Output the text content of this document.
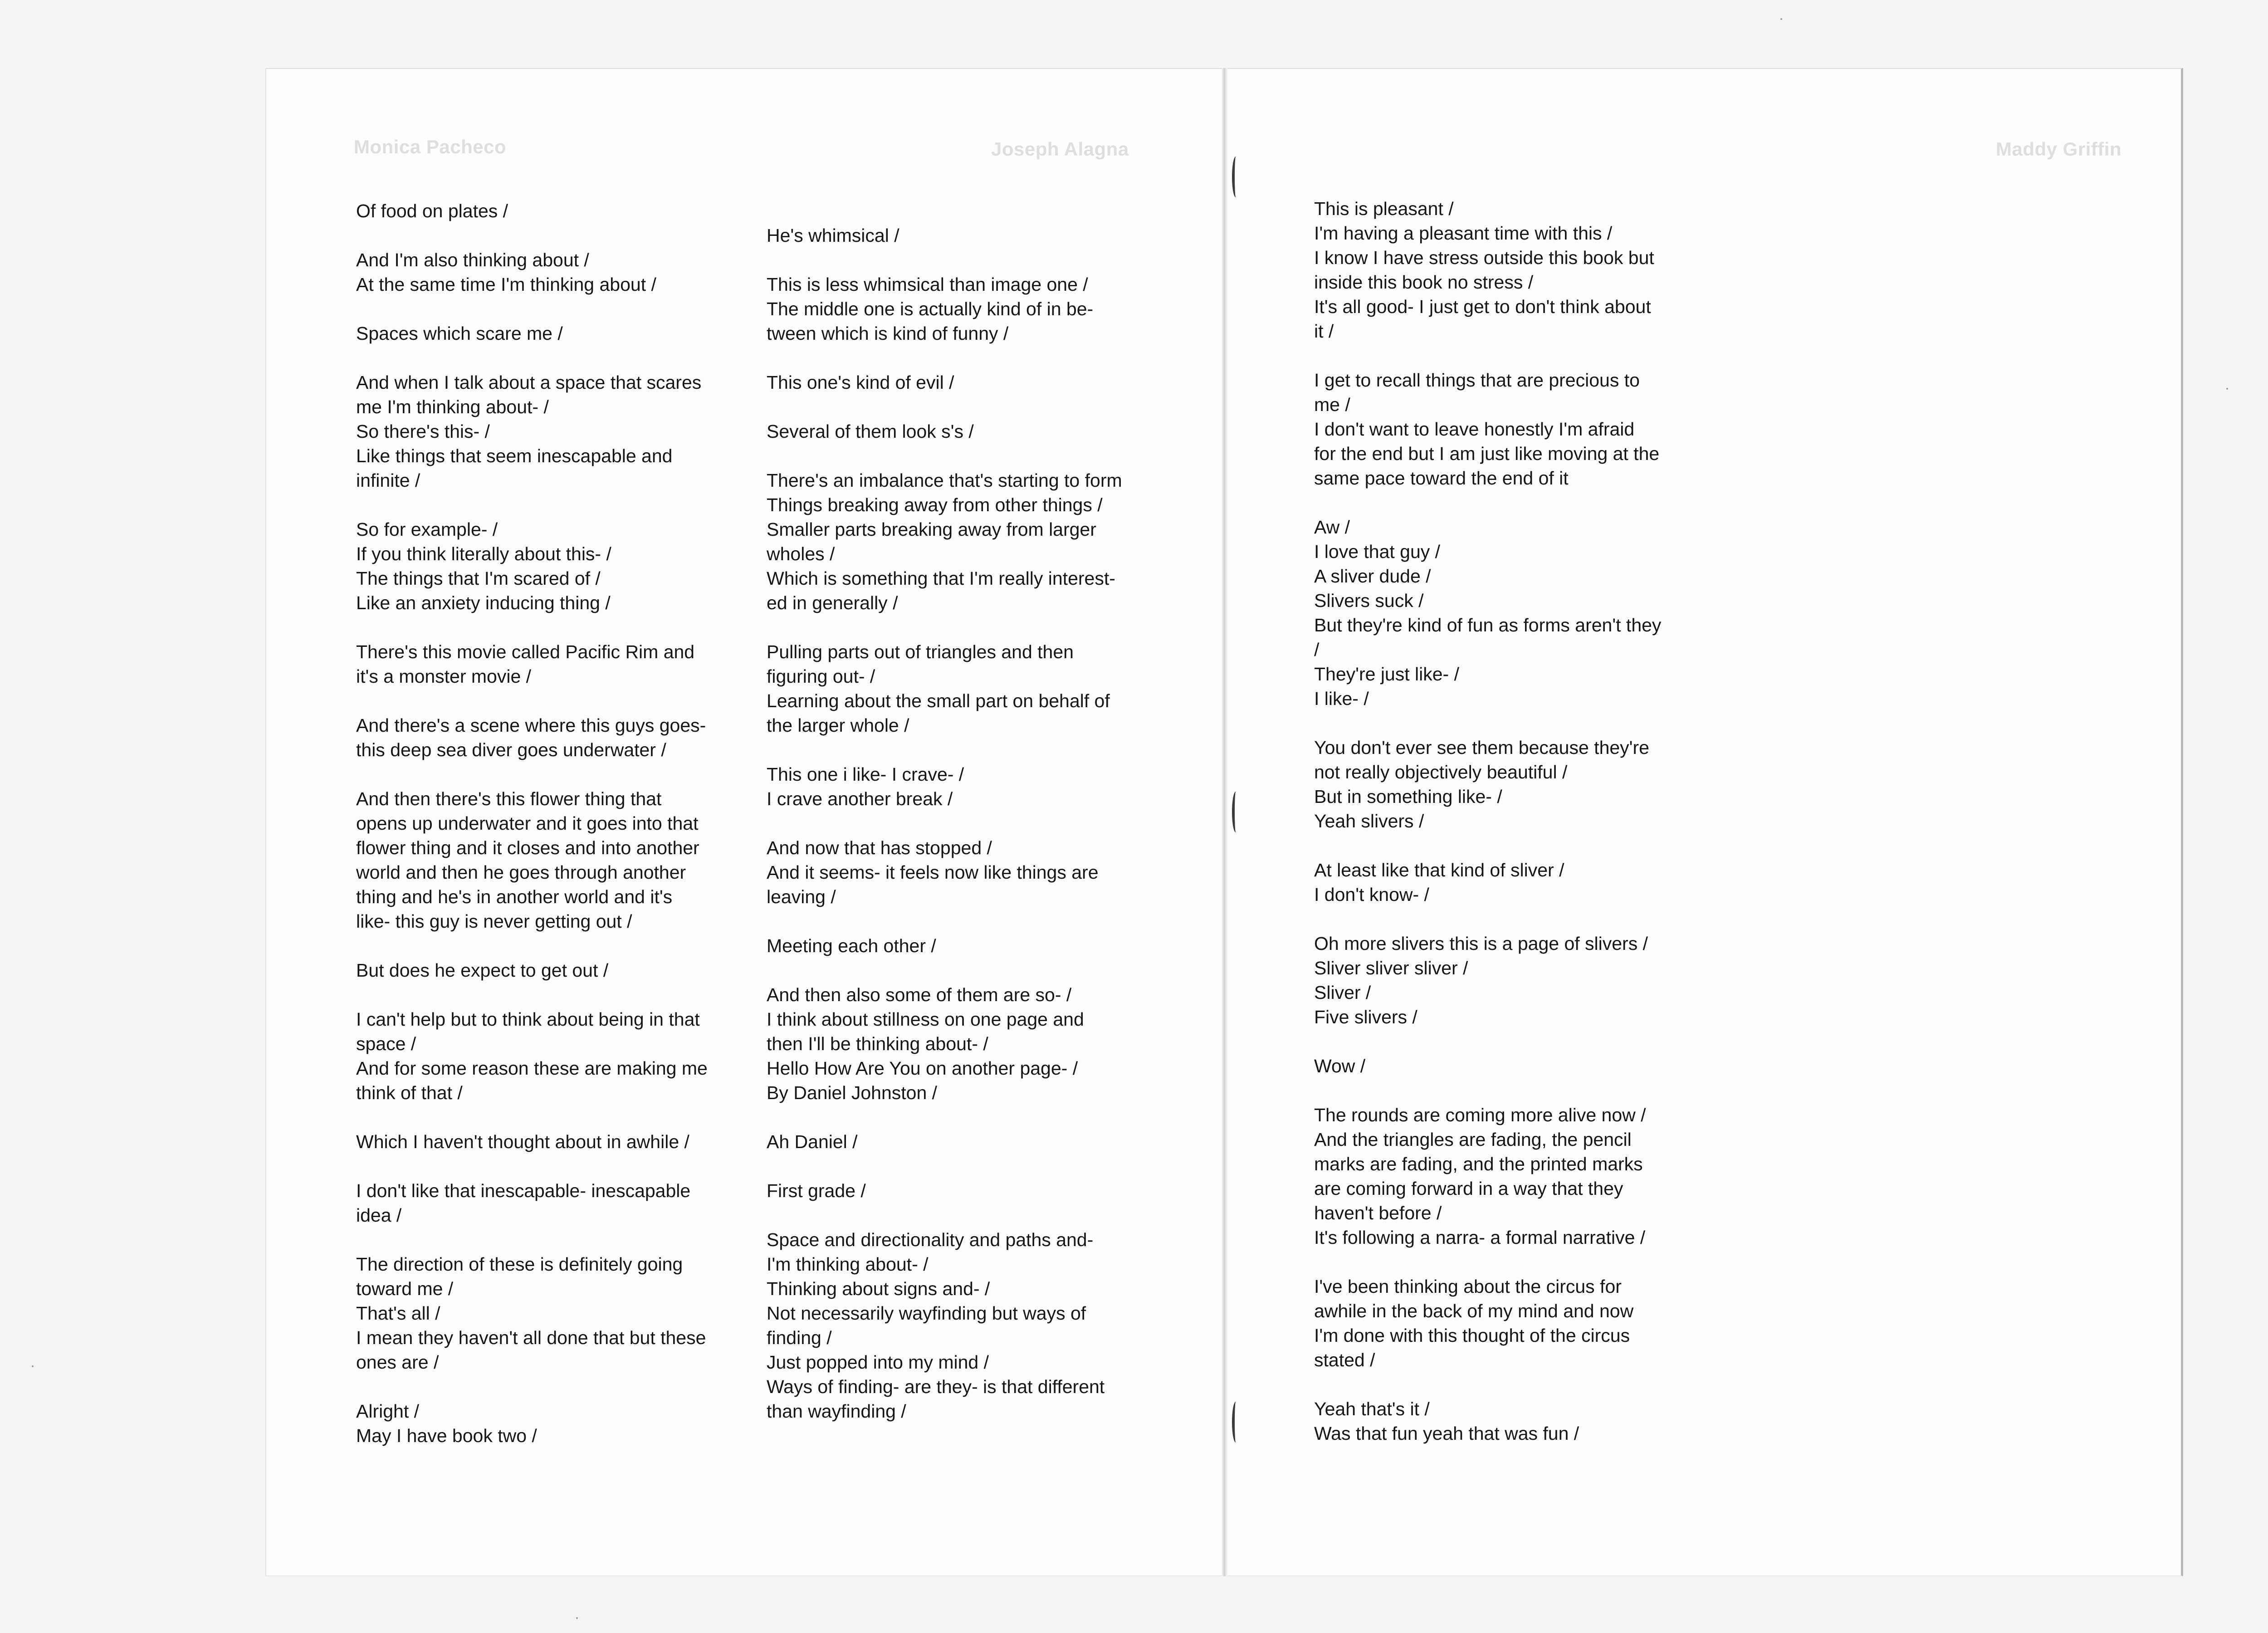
Monica Pacheco	Joseph Alagna	Maddy Griffin
Of food on plates /
And I'm also thinking about /
At the same time I'm thinking about /
Spaces which scare me /
And when I talk about a space that scares
me I'm thinking about- /
So there's this- /
Like things that seem inescapable and
infinite /
So for example- /
If you think literally about this- /
The things that I'm scared of /
Like an anxiety inducing thing /
There's this movie called Pacific Rim and
it's a monster movie /
And there's a scene where this guys goes-
this deep sea diver goes underwater /
And then there's this flower thing that
opens up underwater and it goes into that
flower thing and it closes and into another
world and then he goes through another
thing and he's in another world and it's
like- this guy is never getting out /
But does he expect to get out /
I can't help but to think about being in that
space /
And for some reason these are making me
think of that /
Which I haven't thought about in awhile /
I don't like that inescapable- inescapable
idea /
The direction of these is definitely going
toward me /
That's all /
I mean they haven't all done that but these
ones are /
Alright /
May I have book two /
He's whimsical /
This is less whimsical than image one /
The middle one is actually kind of in be-
tween which is kind of funny /
This one's kind of evil /
Several of them look s's /
There's an imbalance that's starting to form
Things breaking away from other things /
Smaller parts breaking away from larger
wholes /
Which is something that I'm really interest-
ed in generally /
Pulling parts out of triangles and then
figuring out- /
Learning about the small part on behalf of
the larger whole /
This one i like- I crave- /
I crave another break /
And now that has stopped /
And it seems- it feels now like things are
leaving /
Meeting each other /
And then also some of them are so- /
I think about stillness on one page and
then I'll be thinking about- /
Hello How Are You on another page- /
By Daniel Johnston /
Ah Daniel /
First grade /
Space and directionality and paths and-
I'm thinking about- /
Thinking about signs and- /
Not necessarily wayfinding but ways of
finding /
Just popped into my mind /
Ways of finding- are they- is that different
than wayfinding /
This is pleasant /
I'm having a pleasant time with this /
I know I have stress outside this book but
inside this book no stress /
It's all good- I just get to don't think about
it /
I get to recall things that are precious to
me /
I don't want to leave honestly I'm afraid
for the end but I am just like moving at the
same pace toward the end of it
Aw /
I love that guy /
A sliver dude /
Slivers suck /
But they're kind of fun as forms aren't they
/
They're just like- /
I like- /
You don't ever see them because they're
not really objectively beautiful /
But in something like- /
Yeah slivers /
At least like that kind of sliver /
I don't know- /
Oh more slivers this is a page of slivers /
Sliver sliver sliver /
Sliver /
Five slivers /
Wow /
The rounds are coming more alive now /
And the triangles are fading, the pencil
marks are fading, and the printed marks
are coming forward in a way that they
haven't before /
It's following a narra- a formal narrative /
I've been thinking about the circus for
awhile in the back of my mind and now
I'm done with this thought of the circus
stated /
Yeah that's it /
Was that fun yeah that was fun /
